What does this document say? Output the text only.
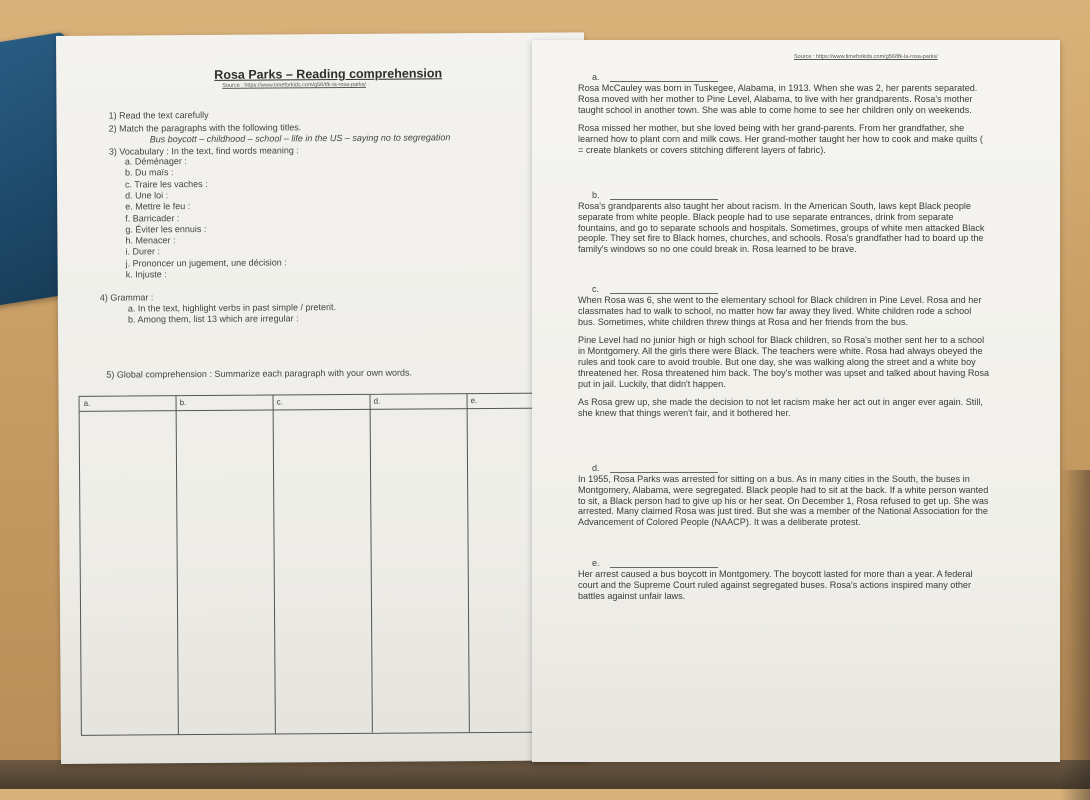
Rosa Parks – Reading comprehension
Source : https://www.timeforkids.com/g56/tfk-la-rosa-parks/
1) Read the text carefully
2) Match the paragraphs with the following titles.
Bus boycott – childhood – school – life in the US – saying no to segregation
3) Vocabulary : In the text, find words meaning :
a. Déménager :
b. Du maïs :
c. Traire les vaches :
d. Une loi :
e. Mettre le feu :
f. Barricader :
g. Éviter les ennuis :
h. Menacer :
i. Durer :
j. Prononcer un jugement, une décision :
k. Injuste :
4) Grammar :
a. In the text, highlight verbs in past simple / preterit.
b. Among them, list 13 which are irregular :
5) Global comprehension : Summarize each paragraph with your own words.
a.	b.	c.	d.	e.
Source : https://www.timeforkids.com/g56/tfk-la-rosa-parks/
a.
Rosa McCauley was born in Tuskegee, Alabama, in 1913. When she was 2, her parents separated.
Rosa moved with her mother to Pine Level, Alabama, to live with her grandparents. Rosa's mother
taught school in another town. She was able to come home to see her children only on weekends.
Rosa missed her mother, but she loved being with her grand-parents. From her grandfather, she
learned how to plant corn and milk cows. Her grand-mother taught her how to cook and make quilts (
= create blankets or covers stitching different layers of fabric).
b.
Rosa's grandparents also taught her about racism. In the American South, laws kept Black people
separate from white people. Black people had to use separate entrances, drink from separate
fountains, and go to separate schools and hospitals. Sometimes, groups of white men attacked Black
people. They set fire to Black homes, churches, and schools. Rosa's grandfather had to board up the
family's windows so no one could break in. Rosa learned to be brave.
c.
When Rosa was 6, she went to the elementary school for Black children in Pine Level. Rosa and her
classmates had to walk to school, no matter how far away they lived. White children rode a school
bus. Sometimes, white children threw things at Rosa and her friends from the bus.
Pine Level had no junior high or high school for Black children, so Rosa's mother sent her to a school
in Montgomery. All the girls there were Black. The teachers were white. Rosa had always obeyed the
rules and took care to avoid trouble. But one day, she was walking along the street and a white boy
threatened her. Rosa threatened him back. The boy's mother was upset and talked about having Rosa
put in jail. Luckily, that didn't happen.
As Rosa grew up, she made the decision to not let racism make her act out in anger ever again. Still,
she knew that things weren't fair, and it bothered her.
d.
In 1955, Rosa Parks was arrested for sitting on a bus. As in many cities in the South, the buses in
Montgomery, Alabama, were segregated. Black people had to sit at the back. If a white person wanted
to sit, a Black person had to give up his or her seat. On December 1, Rosa refused to get up. She was
arrested. Many claimed Rosa was just tired. But she was a member of the National Association for the
Advancement of Colored People (NAACP). It was a deliberate protest.
e.
Her arrest caused a bus boycott in Montgomery. The boycott lasted for more than a year. A federal
court and the Supreme Court ruled against segregated buses. Rosa's actions inspired many other
battles against unfair laws.
